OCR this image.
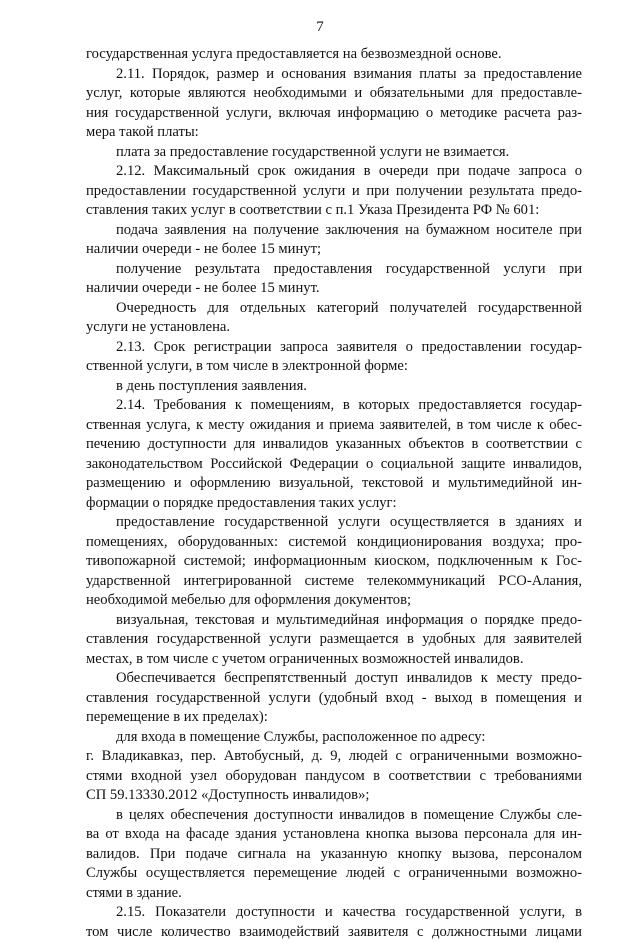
7
государственная услуга предоставляется на безвозмездной основе.
2.11. Порядок, размер и основания взимания платы за предоставление
услуг, которые являются необходимыми и обязательными для предоставле-
ния государственной услуги, включая информацию о методике расчета раз-
мера такой платы:
плата за предоставление государственной услуги не взимается.
2.12. Максимальный срок ожидания в очереди при подаче запроса о
предоставлении государственной услуги и при получении результата предо-
ставления таких услуг в соответствии с п.1 Указа Президента РФ № 601:
подача заявления на получение заключения на бумажном носителе при
наличии очереди - не более 15 минут;
получение результата предоставления государственной услуги при
наличии очереди - не более 15 минут.
Очередность для отдельных категорий получателей государственной
услуги не установлена.
2.13. Срок регистрации запроса заявителя о предоставлении государ-
ственной услуги, в том числе в электронной форме:
в день поступления заявления.
2.14. Требования к помещениям, в которых предоставляется государ-
ственная услуга, к месту ожидания и приема заявителей, в том числе к обес-
печению доступности для инвалидов указанных объектов в соответствии с
законодательством Российской Федерации о социальной защите инвалидов,
размещению и оформлению визуальной, текстовой и мультимедийной ин-
формации о порядке предоставления таких услуг:
предоставление государственной услуги осуществляется в зданиях и
помещениях, оборудованных: системой кондиционирования воздуха; про-
тивопожарной системой; информационным киоском, подключенным к Гос-
ударственной интегрированной системе телекоммуникаций РСО-Алания,
необходимой мебелью для оформления документов;
визуальная, текстовая и мультимедийная информация о порядке предо-
ставления государственной услуги размещается в удобных для заявителей
местах, в том числе с учетом ограниченных возможностей инвалидов.
Обеспечивается беспрепятственный доступ инвалидов к месту предо-
ставления государственной услуги (удобный вход - выход в помещения и
перемещение в их пределах):
для входа в помещение Службы, расположенное по адресу:
г. Владикавказ, пер. Автобусный, д. 9, людей с ограниченными возможно-
стями входной узел оборудован пандусом в соответствии с требованиями
СП 59.13330.2012 «Доступность инвалидов»;
в целях обеспечения доступности инвалидов в помещение Службы сле-
ва от входа на фасаде здания установлена кнопка вызова персонала для ин-
валидов. При подаче сигнала на указанную кнопку вызова, персоналом
Службы осуществляется перемещение людей с ограниченными возможно-
стями в здание.
2.15. Показатели доступности и качества государственной услуги, в
том числе количество взаимодействий заявителя с должностными лицами
